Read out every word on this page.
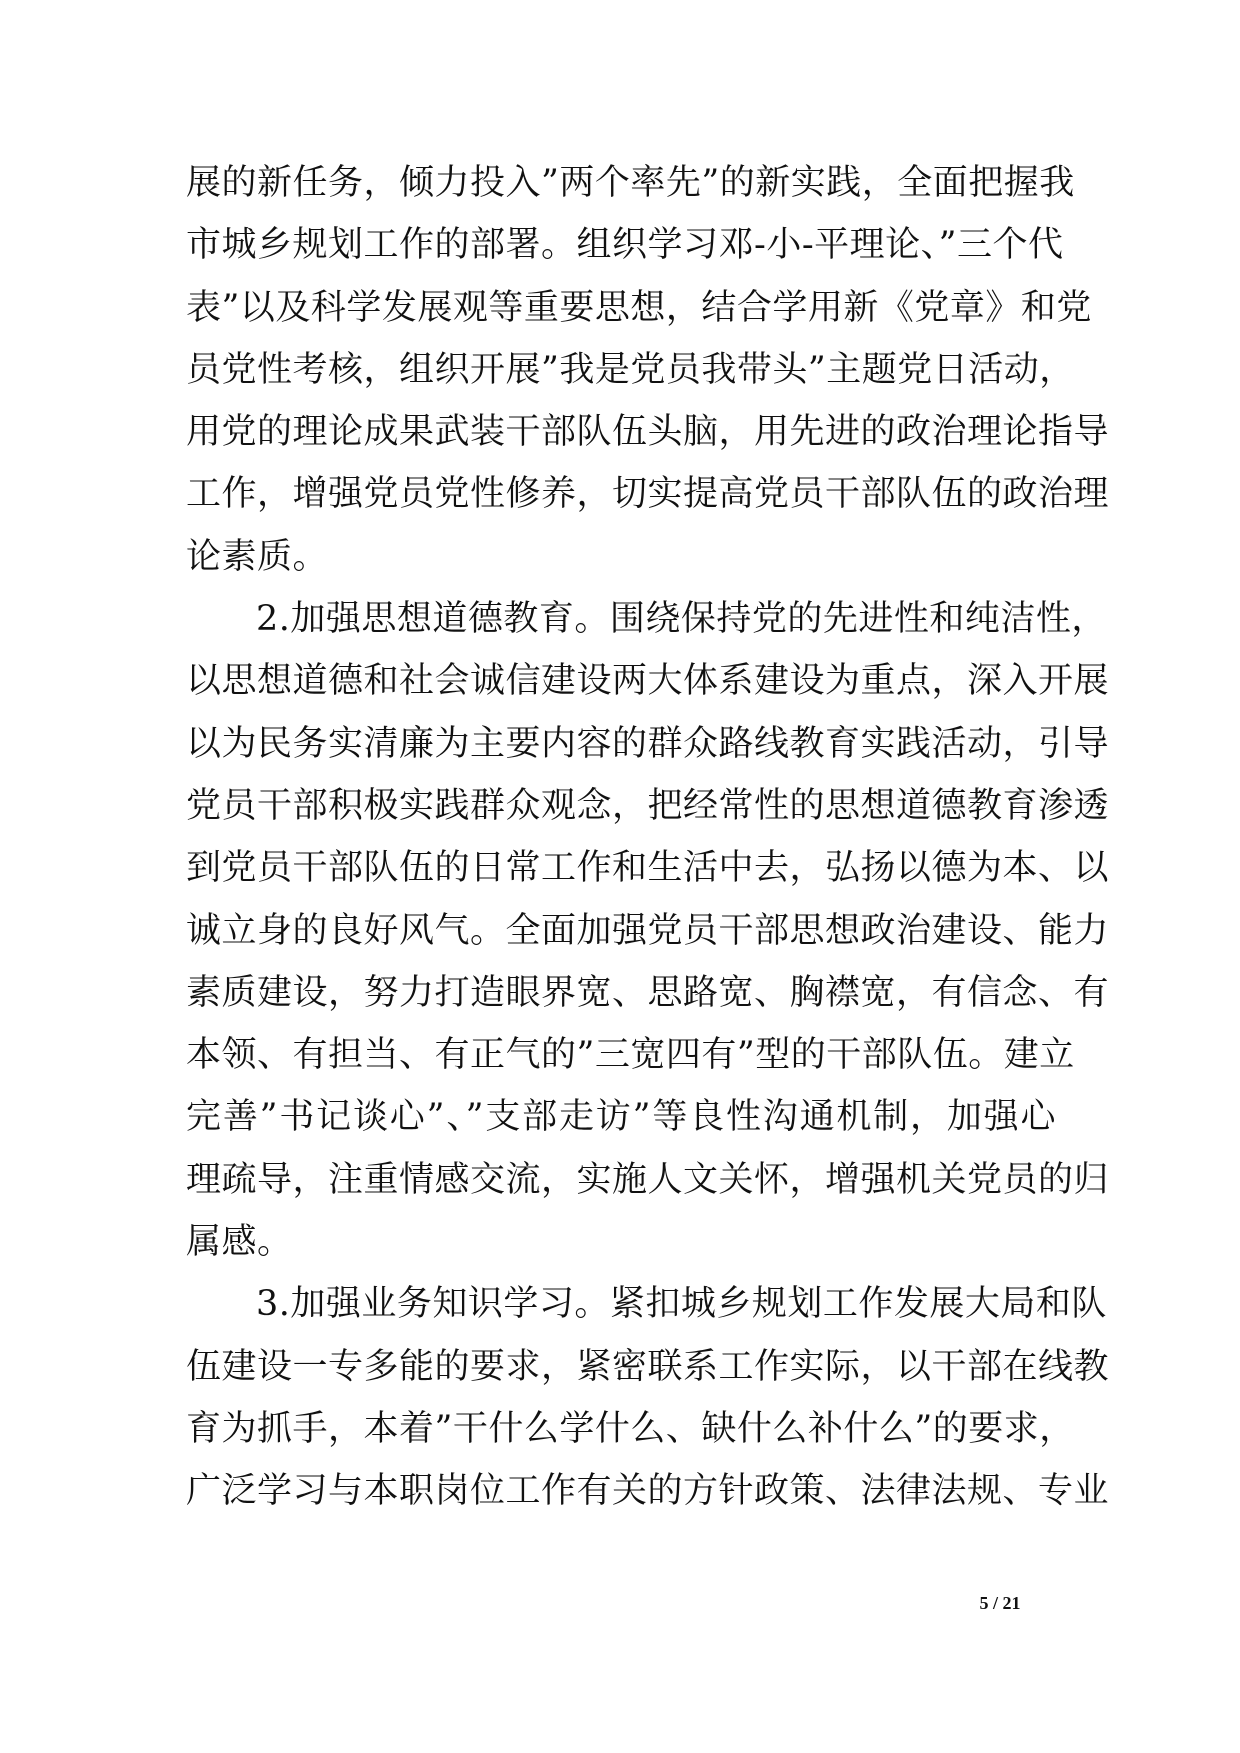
展的新任务，倾力投入”两个率先”的新实践，全面把握我
市城乡规划工作的部署。组织学习邓-小-平理论、”三个代
表”以及科学发展观等重要思想，结合学用新《党章》和党
员党性考核，组织开展”我是党员我带头”主题党日活动，
用党的理论成果武装干部队伍头脑，用先进的政治理论指导
工作，增强党员党性修养，切实提高党员干部队伍的政治理
论素质。
2.加强思想道德教育。围绕保持党的先进性和纯洁性，
以思想道德和社会诚信建设两大体系建设为重点，深入开展
以为民务实清廉为主要内容的群众路线教育实践活动，引导
党员干部积极实践群众观念，把经常性的思想道德教育渗透
到党员干部队伍的日常工作和生活中去，弘扬以德为本、以
诚立身的良好风气。全面加强党员干部思想政治建设、能力
素质建设，努力打造眼界宽、思路宽、胸襟宽，有信念、有
本领、有担当、有正气的”三宽四有”型的干部队伍。建立
完善”书记谈心”、”支部走访”等良性沟通机制，加强心
理疏导，注重情感交流，实施人文关怀，增强机关党员的归
属感。
3.加强业务知识学习。紧扣城乡规划工作发展大局和队
伍建设一专多能的要求，紧密联系工作实际，以干部在线教
育为抓手，本着”干什么学什么、缺什么补什么”的要求，
广泛学习与本职岗位工作有关的方针政策、法律法规、专业
5 / 21
